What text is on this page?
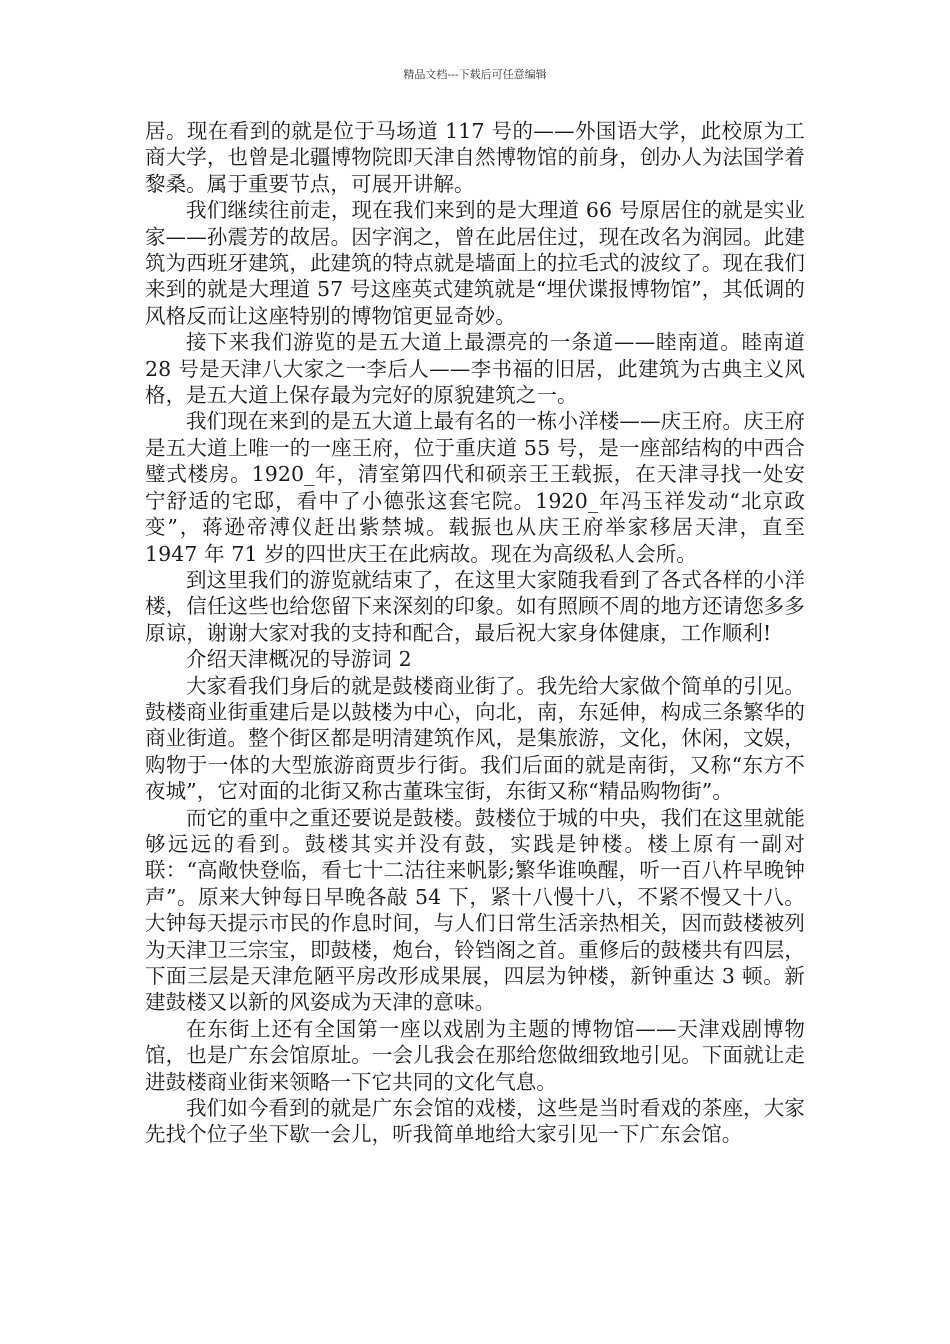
精品文档---下载后可任意编辑

居。现在看到的就是位于马场道 117 号的——外国语大学，此校原为工商大学，也曾是北疆博物院即天津自然博物馆的前身，创办人为法国学着黎桑。属于重要节点，可展开讲解。

我们继续往前走，现在我们来到的是大理道 66 号原居住的就是实业家——孙震芳的故居。因字润之，曾在此居住过，现在改名为润园。此建筑为西班牙建筑，此建筑的特点就是墙面上的拉毛式的波纹了。现在我们来到的就是大理道 57 号这座英式建筑就是“埋伏谍报博物馆”，其低调的风格反而让这座特别的博物馆更显奇妙。

接下来我们游览的是五大道上最漂亮的一条道——睦南道。睦南道 28 号是天津八大家之一李后人——李书福的旧居，此建筑为古典主义风格，是五大道上保存最为完好的原貌建筑之一。

我们现在来到的是五大道上最有名的一栋小洋楼——庆王府。庆王府是五大道上唯一的一座王府，位于重庆道 55 号，是一座部结构的中西合璧式楼房。1920_年，清室第四代和硕亲王王载振，在天津寻找一处安宁舒适的宅邸，看中了小德张这套宅院。1920_年冯玉祥发动“北京政变”，蒋逊帝溥仪赶出紫禁城。载振也从庆王府举家移居天津，直至 1947 年 71 岁的四世庆王在此病故。现在为高级私人会所。

到这里我们的游览就结束了，在这里大家随我看到了各式各样的小洋楼，信任这些也给您留下来深刻的印象。如有照顾不周的地方还请您多多原谅，谢谢大家对我的支持和配合，最后祝大家身体健康，工作顺利!

介绍天津概况的导游词 2

大家看我们身后的就是鼓楼商业街了。我先给大家做个简单的引见。鼓楼商业街重建后是以鼓楼为中心，向北，南，东延伸，构成三条繁华的商业街道。整个街区都是明清建筑作风，是集旅游，文化，休闲，文娱，购物于一体的大型旅游商贾步行街。我们后面的就是南街，又称“东方不夜城”，它对面的北街又称古董珠宝街，东街又称“精品购物街”。

而它的重中之重还要说是鼓楼。鼓楼位于城的中央，我们在这里就能够远远的看到。鼓楼其实并没有鼓，实践是钟楼。楼上原有一副对联：“高敞快登临，看七十二沽往来帆影;繁华谁唤醒，听一百八杵早晚钟声”。原来大钟每日早晚各敲 54 下，紧十八慢十八，不紧不慢又十八。大钟每天提示市民的作息时间，与人们日常生活亲热相关，因而鼓楼被列为天津卫三宗宝，即鼓楼，炮台，铃铛阁之首。重修后的鼓楼共有四层，下面三层是天津危陋平房改形成果展，四层为钟楼，新钟重达 3 顿。新建鼓楼又以新的风姿成为天津的意味。

在东街上还有全国第一座以戏剧为主题的博物馆——天津戏剧博物馆，也是广东会馆原址。一会儿我会在那给您做细致地引见。下面就让走进鼓楼商业街来领略一下它共同的文化气息。

我们如今看到的就是广东会馆的戏楼，这些是当时看戏的茶座，大家先找个位子坐下歇一会儿，听我简单地给大家引见一下广东会馆。
